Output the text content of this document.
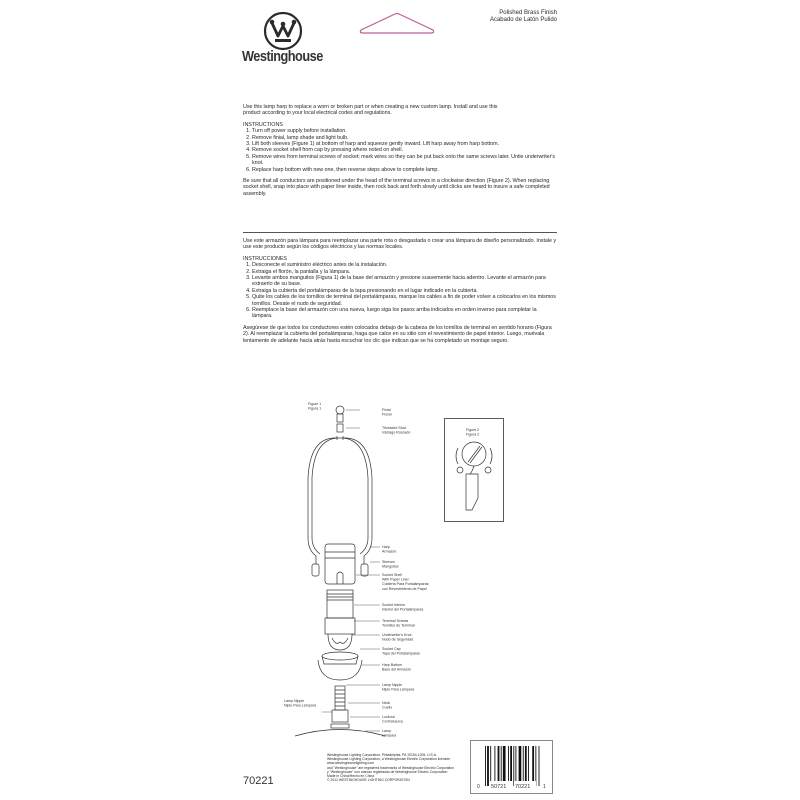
Westinghouse
Polished Brass Finish
Acabado de Latón Pulido
Use this lamp harp to replace a worn or broken part or when creating a new custom lamp. Install and use this product according to your local electrical codes and regulations.
INSTRUCTIONS
1. Turn off power supply before installation.
2. Remove finial, lamp shade and light bulb.
3. Lift both sleeves (Figure 1) at bottom of harp and squeeze gently inward. Lift harp away from harp bottom.
4. Remove socket shell from cap by pressing where noted on shell.
5. Remove wires from terminal screws of socket; mark wires so they can be put back onto the same screws later. Untie underwriter's knot.
6. Replace harp bottom with new one, then reverse steps above to complete lamp.
Be sure that all conductors are positioned under the head of the terminal screws in a clockwise direction (Figure 2). When replacing socket shell, snap into place with paper liner inside, then rock back and forth slowly until clicks are heard to insure a safe completed assembly.
Use este armazón para lámpara para reemplazar una parte rota o desgastada o crear una lámpara de diseño personalizado. Instale y use este producto según los códigos eléctricos y las normas locales.
INSTRUCCIONES
1. Desconecte el suministro eléctrico antes de la instalación.
2. Extraiga el florón, la pantalla y la lámpara.
3. Levante ambos manguitos (Figura 1) de la base del armazón y presione suavemente hacia adentro. Levante el armazón para extraerlo de su base.
4. Extraiga la cubierta del portalámparas de la tapa presionando en el lugar indicado en la cubierta.
5. Quite los cables de los tornillos de terminal del portalámparas, marque los cables a fin de poder volver a colocarlos en los mismos tornillos. Desate el nudo de seguridad.
6. Reemplace la base del armazón con una nueva, luego siga los pasos arriba indicados en orden inverso para completar la lámpara.
Asegúrese de que todos los conductores estén colocados debajo de la cabeza de los tornillos de terminal en sentido horario (Figura 2). Al reemplazar la cubierta del portalámparas, haga que calce en su sitio con el revestimiento de papel interior. Luego, muévala lentamente de adelante hacia atrás hasta escuchar los clic que indican que se ha completado un montaje seguro.
Figure 1
Figura 1	Finial
Florón
Threaded Stud
Vástago Roscado
Harp
Armazón
Sleeves
Manguitos
Socket Shell
With Paper Liner
Cubierta Para Portalámparas
con Revestimiento de Papel
Socket Interior
Interior del Portalámparas
Terminal Screws
Tornillos de Terminal
Underwriter's Knot
Nudo de Seguridad
Socket Cap
Tapa del Portalámparas
Harp Bottom
Base del Armazón
Lamp Nipple
Niple Para Lámpara
Neck
Cuello
Locknut
Contratuerca
Lamp
Lámpara
Lamp Nipple
Niple Para Lámpara
Figure 2
Figura 2
70221
Westinghouse Lighting Corporation, Philadelphia, PA 19154-1205, U.S.A.
Westinghouse Lighting Corporation, a Westinghouse Electric Corporation licensee
www.westinghouselighting.com
and "Westinghouse" are registered trademarks of Westinghouse Electric Corporation
y "Westinghouse" son marcas registradas de Westinghouse Electric Corporation
Made in China/Hecho en China
© 2012 WESTINGHOUSE LIGHTING CORPORATION
0 50721 70221	1
